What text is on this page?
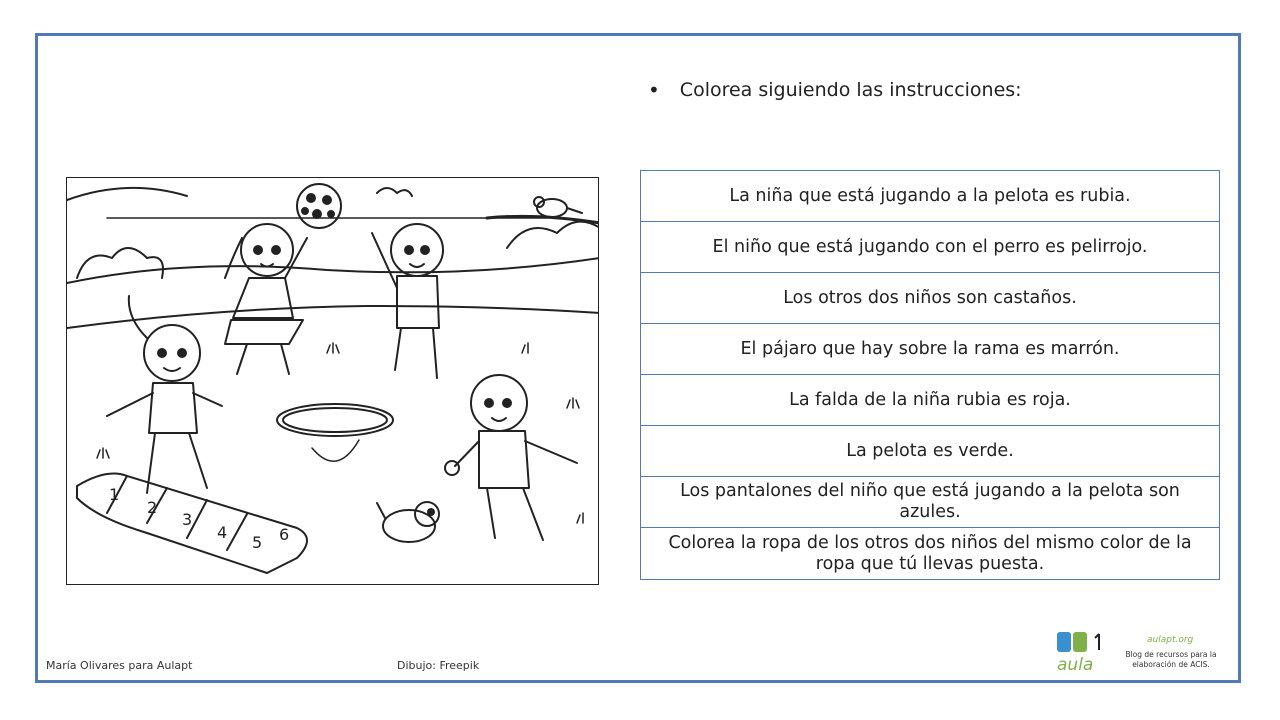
• Colorea siguiendo las instrucciones:
1
2
3
4
5 6
La niña que está jugando a la pelota es rubia.
El niño que está jugando con el perro es pelirrojo.
Los otros dos niños son castaños.
El pájaro que hay sobre la rama es marrón.
La falda de la niña rubia es roja.
La pelota es verde.
Los pantalones del niño que está jugando a la pelota son azules.
Colorea la ropa de los otros dos niños del mismo color de la ropa que tú llevas puesta.
María Olivares para Aulapt	Dibujo: Freepik	aula
aulapt.org
Blog de recursos para la elaboración de ACIS.
